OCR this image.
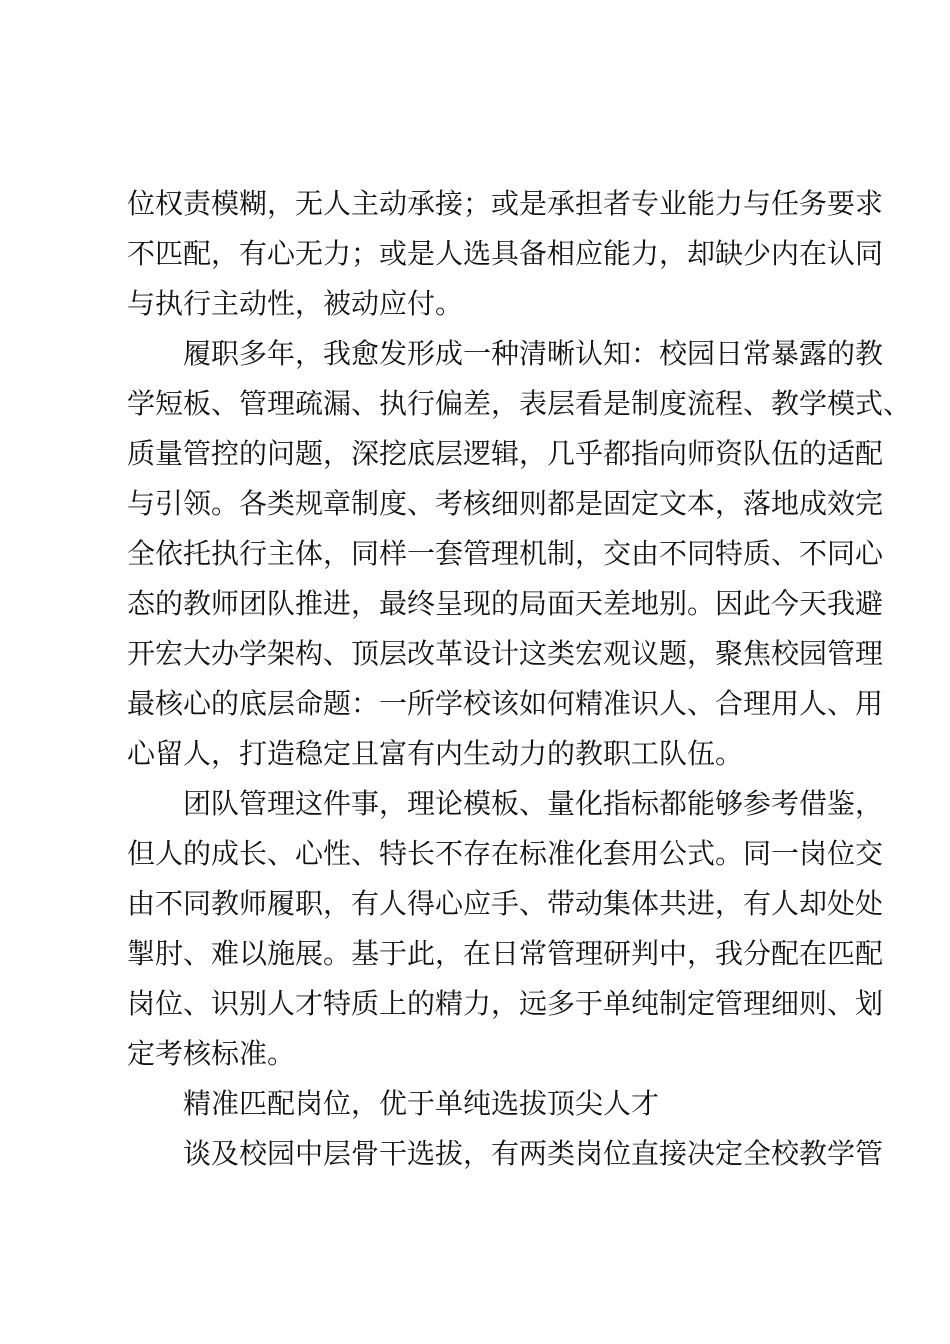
位权责模糊，无人主动承接；或是承担者专业能力与任务要求
不匹配，有心无力；或是人选具备相应能力，却缺少内在认同
与执行主动性，被动应付。
履职多年，我愈发形成一种清晰认知：校园日常暴露的教
学短板、管理疏漏、执行偏差，表层看是制度流程、教学模式、
质量管控的问题，深挖底层逻辑，几乎都指向师资队伍的适配
与引领。各类规章制度、考核细则都是固定文本，落地成效完
全依托执行主体，同样一套管理机制，交由不同特质、不同心
态的教师团队推进，最终呈现的局面天差地别。因此今天我避
开宏大办学架构、顶层改革设计这类宏观议题，聚焦校园管理
最核心的底层命题：一所学校该如何精准识人、合理用人、用
心留人，打造稳定且富有内生动力的教职工队伍。
团队管理这件事，理论模板、量化指标都能够参考借鉴，
但人的成长、心性、特长不存在标准化套用公式。同一岗位交
由不同教师履职，有人得心应手、带动集体共进，有人却处处
掣肘、难以施展。基于此，在日常管理研判中，我分配在匹配
岗位、识别人才特质上的精力，远多于单纯制定管理细则、划
定考核标准。
精准匹配岗位，优于单纯选拔顶尖人才
谈及校园中层骨干选拔，有两类岗位直接决定全校教学管
